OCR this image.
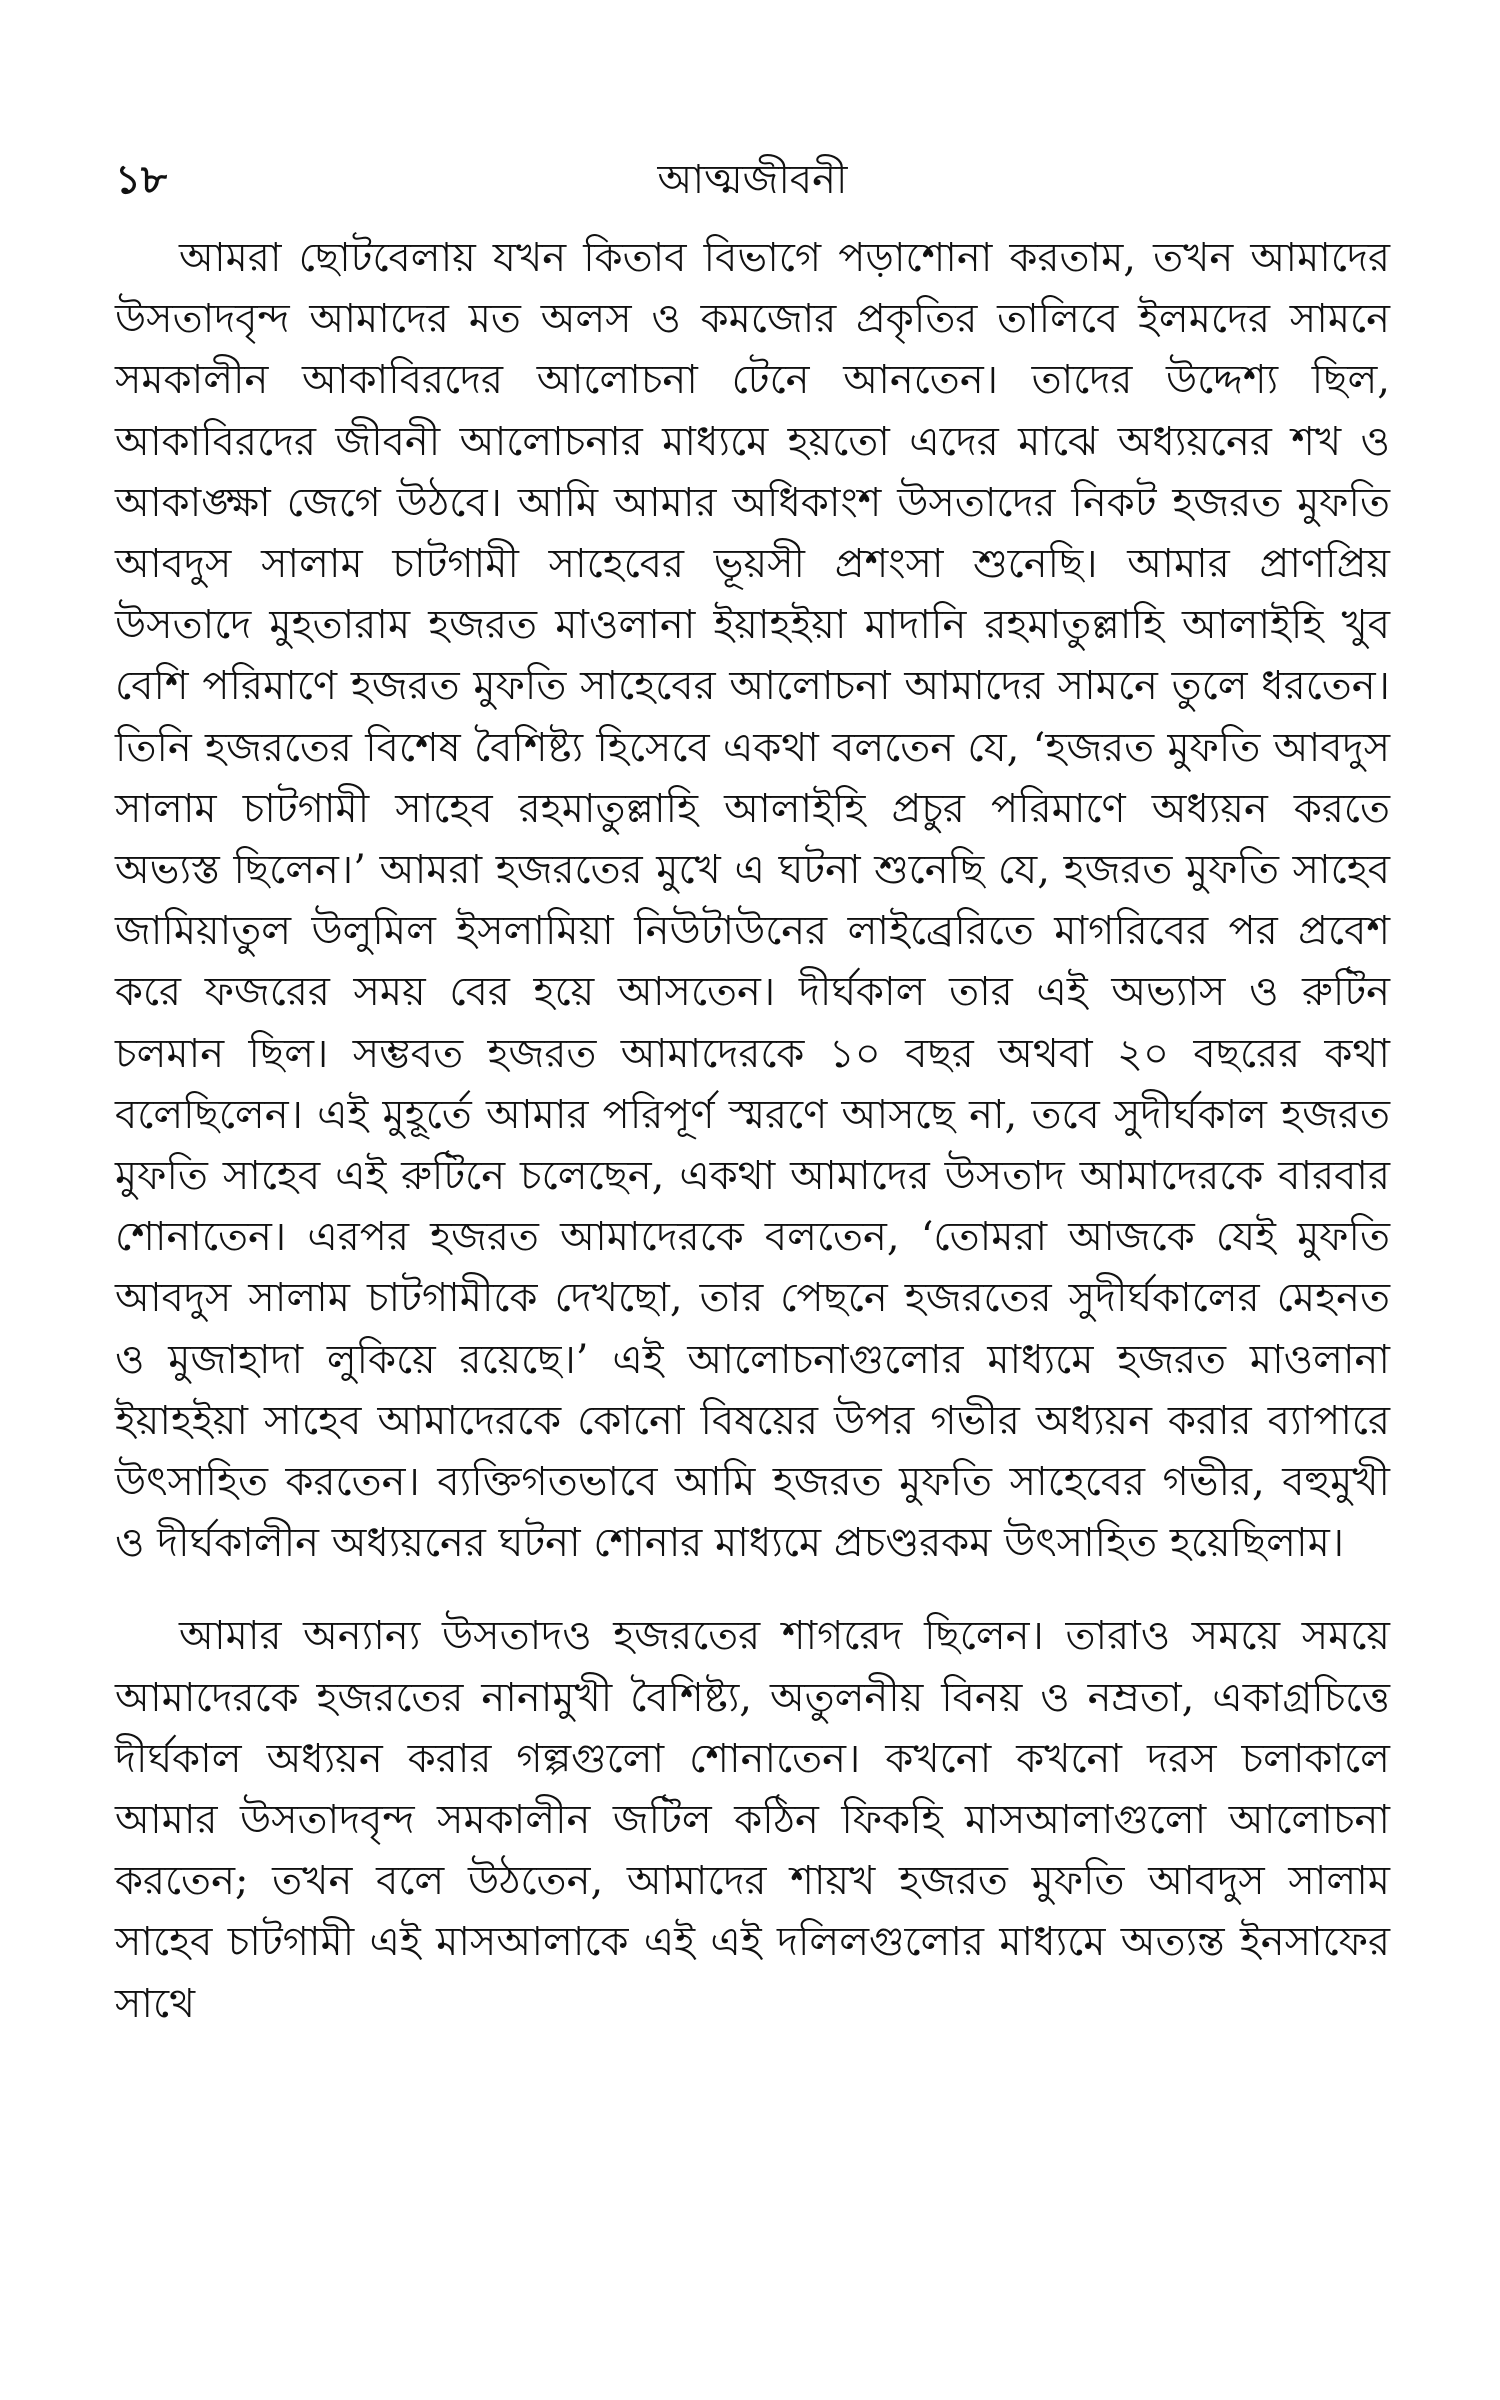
১৮	আত্মজীবনী

আমরা ছোটবেলায় যখন কিতাব বিভাগে পড়াশোনা করতাম, তখন আমাদের উসতাদবৃন্দ আমাদের মত অলস ও কমজোর প্রকৃতির তালিবে ইলমদের সামনে সমকালীন আকাবিরদের আলোচনা টেনে আনতেন। তাদের উদ্দেশ্য ছিল, আকাবিরদের জীবনী আলোচনার মাধ্যমে হয়তো এদের মাঝে অধ্যয়নের শখ ও আকাঙ্ক্ষা জেগে উঠবে। আমি আমার অধিকাংশ উসতাদের নিকট হজরত মুফতি আবদুস সালাম চাটগামী সাহেবের ভূয়সী প্রশংসা শুনেছি। আমার প্রাণপ্রিয় উসতাদে মুহতারাম হজরত মাওলানা ইয়াহইয়া মাদানি রহমাতুল্লাহি আলাইহি খুব বেশি পরিমাণে হজরত মুফতি সাহেবের আলোচনা আমাদের সামনে তুলে ধরতেন। তিনি হজরতের বিশেষ বৈশিষ্ট্য হিসেবে একথা বলতেন যে, ‘হজরত মুফতি আবদুস সালাম চাটগামী সাহেব রহমাতুল্লাহি আলাইহি প্রচুর পরিমাণে অধ্যয়ন করতে অভ্যস্ত ছিলেন।’ আমরা হজরতের মুখে এ ঘটনা শুনেছি যে, হজরত মুফতি সাহেব জামিয়াতুল উলুমিল ইসলামিয়া নিউটাউনের লাইব্রেরিতে মাগরিবের পর প্রবেশ করে ফজরের সময় বের হয়ে আসতেন। দীর্ঘকাল তার এই অভ্যাস ও রুটিন চলমান ছিল। সম্ভবত হজরত আমাদেরকে ১০ বছর অথবা ২০ বছরের কথা বলেছিলেন। এই মুহূর্তে আমার পরিপূর্ণ স্মরণে আসছে না, তবে সুদীর্ঘকাল হজরত মুফতি সাহেব এই রুটিনে চলেছেন, একথা আমাদের উসতাদ আমাদেরকে বারবার শোনাতেন। এরপর হজরত আমাদেরকে বলতেন, ‘তোমরা আজকে যেই মুফতি আবদুস সালাম চাটগামীকে দেখছো, তার পেছনে হজরতের সুদীর্ঘকালের মেহনত ও মুজাহাদা লুকিয়ে রয়েছে।’ এই আলোচনাগুলোর মাধ্যমে হজরত মাওলানা ইয়াহইয়া সাহেব আমাদেরকে কোনো বিষয়ের উপর গভীর অধ্যয়ন করার ব্যাপারে উৎসাহিত করতেন। ব্যক্তিগতভাবে আমি হজরত মুফতি সাহেবের গভীর, বহুমুখী ও দীর্ঘকালীন অধ্যয়নের ঘটনা শোনার মাধ্যমে প্রচণ্ডরকম উৎসাহিত হয়েছিলাম।

আমার অন্যান্য উসতাদও হজরতের শাগরেদ ছিলেন। তারাও সময়ে সময়ে আমাদেরকে হজরতের নানামুখী বৈশিষ্ট্য, অতুলনীয় বিনয় ও নম্রতা, একাগ্রচিত্তে দীর্ঘকাল অধ্যয়ন করার গল্পগুলো শোনাতেন। কখনো কখনো দরস চলাকালে আমার উসতাদবৃন্দ সমকালীন জটিল কঠিন ফিকহি মাসআলাগুলো আলোচনা করতেন; তখন বলে উঠতেন, আমাদের শায়খ হজরত মুফতি আবদুস সালাম সাহেব চাটগামী এই মাসআলাকে এই এই দলিলগুলোর মাধ্যমে অত্যন্ত ইনসাফের সাথে
